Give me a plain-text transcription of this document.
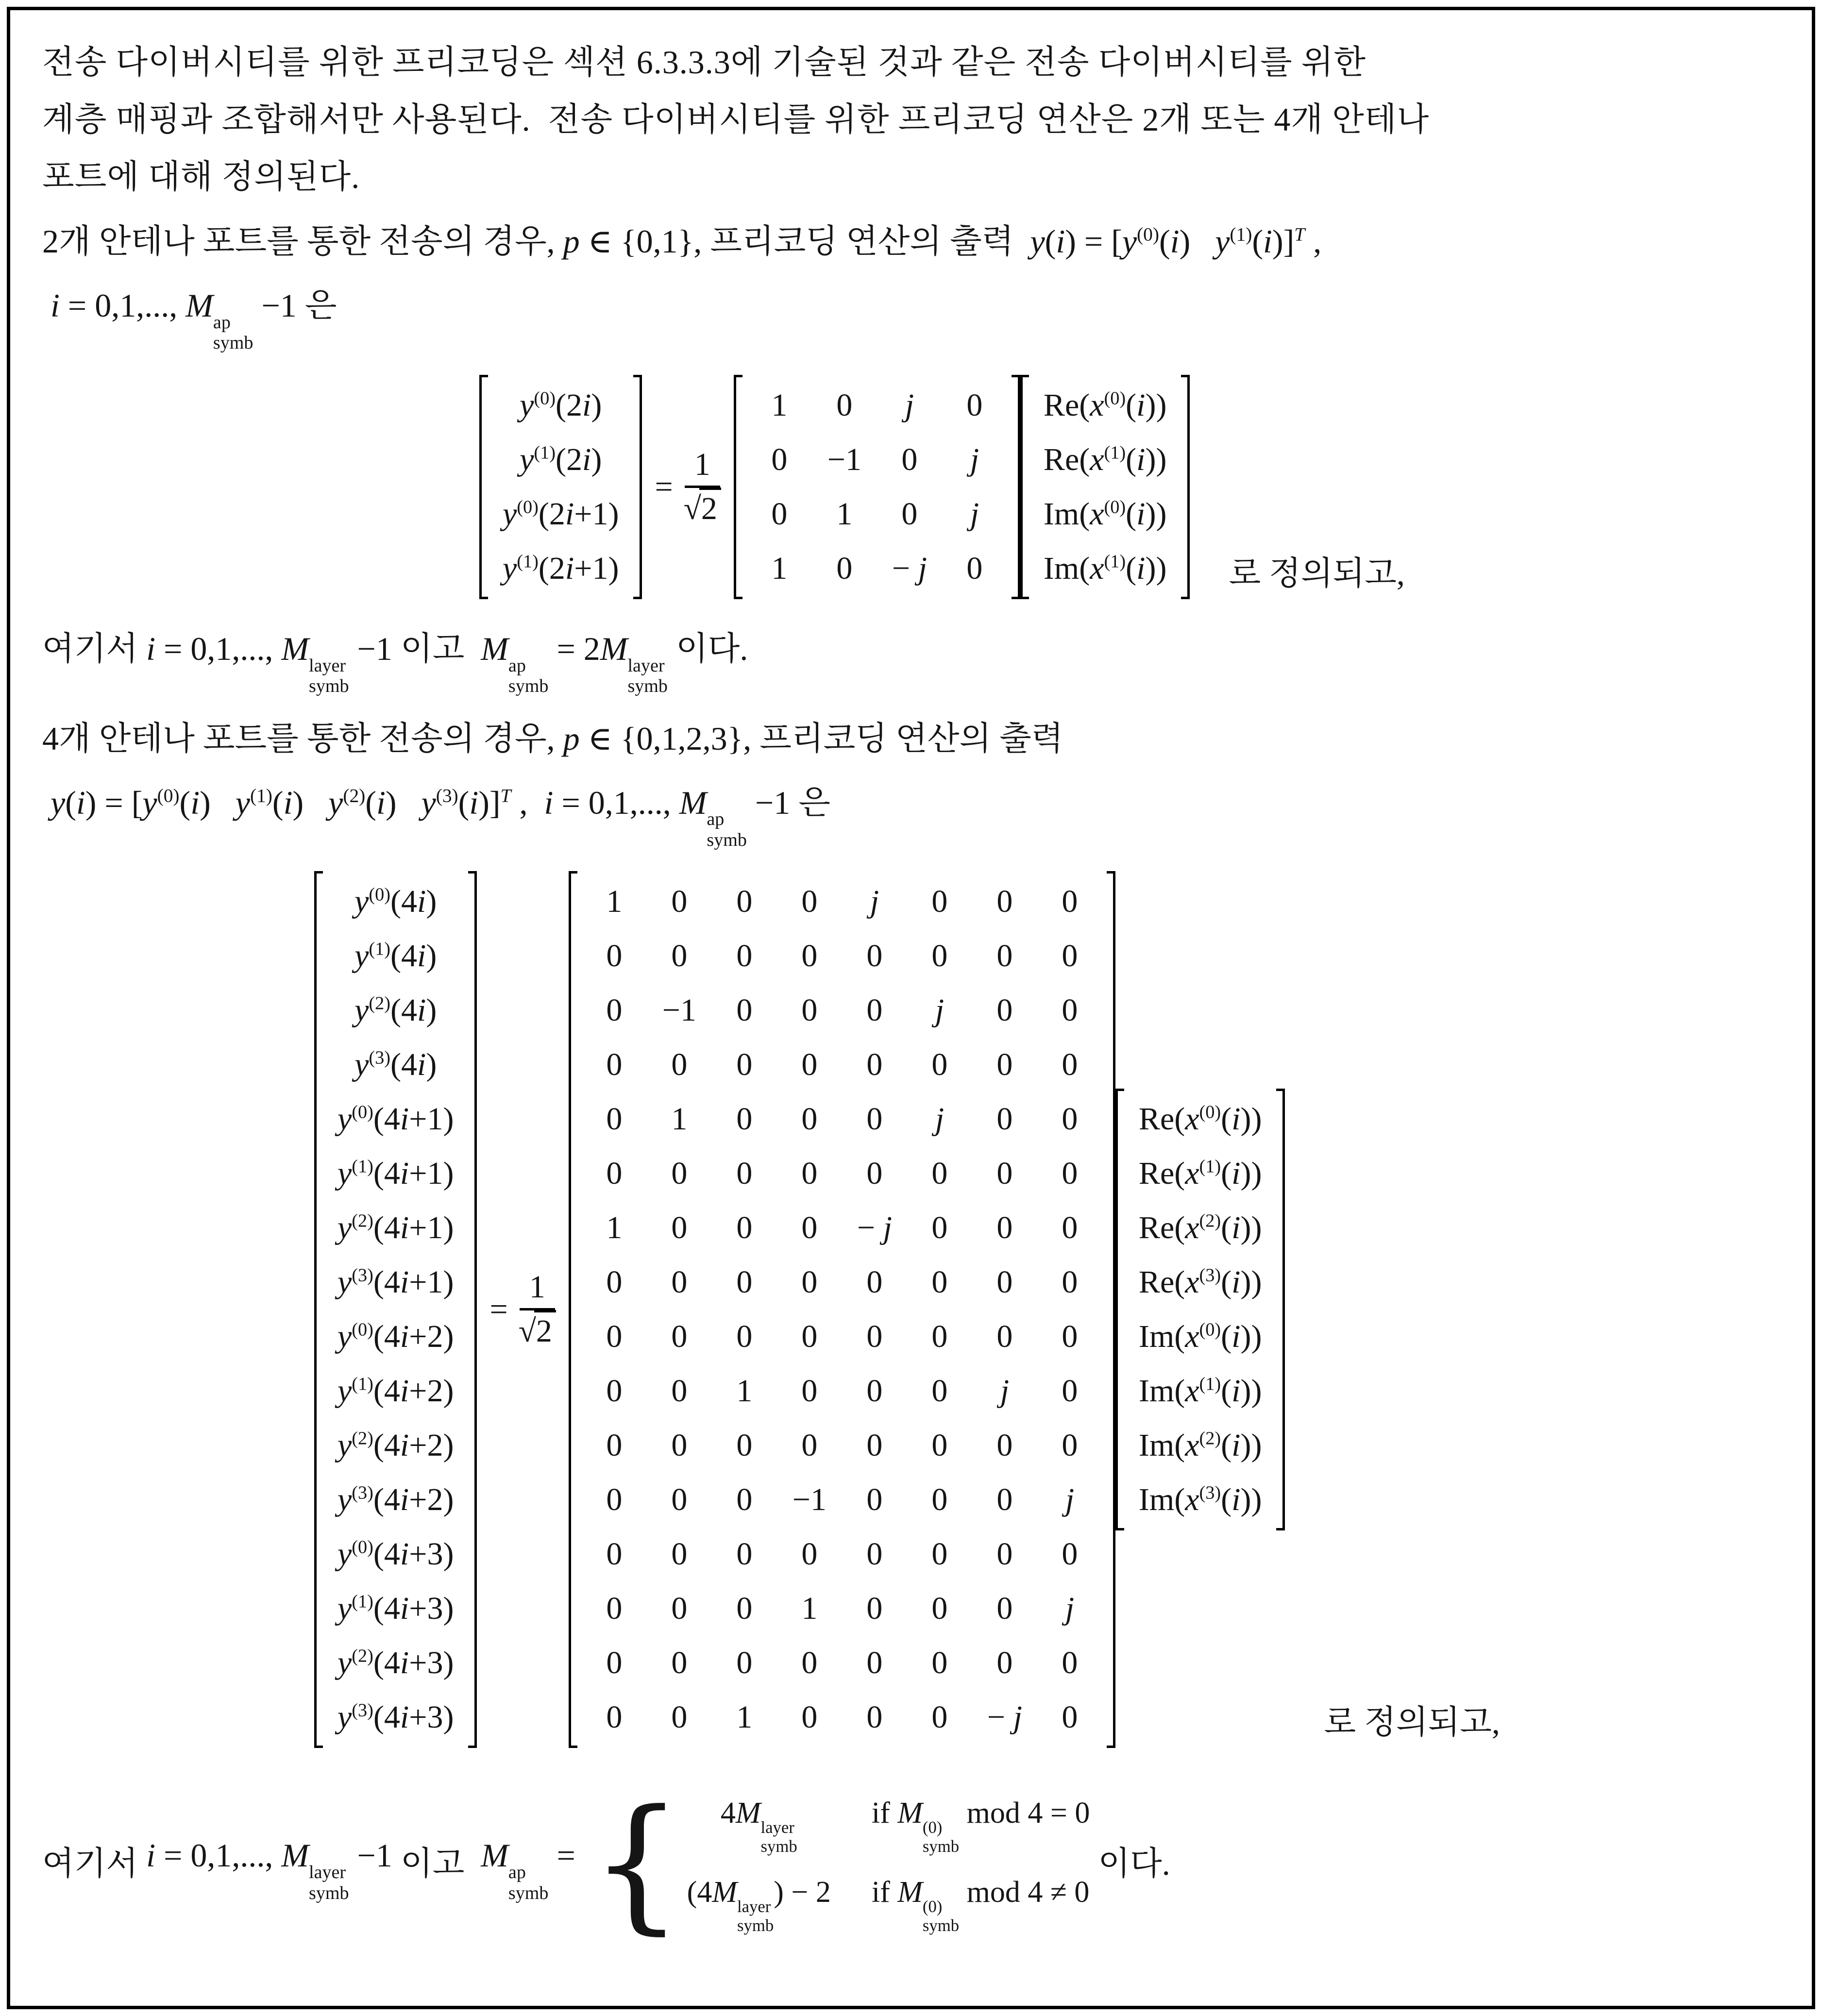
전송 다이버시티를 위한 프리코딩은 섹션 6.3.3.3에 기술된 것과 같은 전송 다이버시티를 위한
계층 매핑과 조합해서만 사용된다.  전송 다이버시티를 위한 프리코딩 연산은 2개 또는 4개 안테나
포트에 대해 정의된다.
2개 안테나 포트를 통한 전송의 경우, p ∈ {0,1}, 프리코딩 연산의 출력  $y(i) = [y^{(0)}(i)$   $y^{(1)}(i)]^T$ ,
i = 0,1,..., M ap
symb
−1 은
$y^{(0)}(2i)$
$y^{(1)}(2i)$
$y^{(0)}(2i+1)$
$y^{(1)}(2i+1)$
= $\frac{1}{√2}$
1 0 j 0
0 −1 0 j
0 1 0 j
1 0 − j 0
$Re(x^{(0)}(i))$
$Re(x^{(1)}(i))$
$Im(x^{(0)}(i))$
$Im(x^{(1)}(i))$ 로 정의되고,
여기서 i = 0,1,..., M layer
symb
−1 이고  M ap
symb
= 2M layer
symb
이다.
4개 안테나 포트를 통한 전송의 경우, p ∈ {0,1,2,3}, 프리코딩 연산의 출력
$y(i) = [y^{(0)}(i)$   $y^{(1)}(i)$   $y^{(2)}(i)$   $y^{(3)}(i)]^T$ ,  i = 0,1,..., M ap
symb
−1 은
$y^{(0)}(4i)$
$y^{(1)}(4i)$
$y^{(2)}(4i)$
$y^{(3)}(4i)$
$y^{(0)}(4i+1)$
$y^{(1)}(4i+1)$
$y^{(2)}(4i+1)$
$y^{(3)}(4i+1)$
$y^{(0)}(4i+2)$
$y^{(1)}(4i+2)$
$y^{(2)}(4i+2)$
$y^{(3)}(4i+2)$
$y^{(0)}(4i+3)$
$y^{(1)}(4i+3)$
$y^{(2)}(4i+3)$
$y^{(3)}(4i+3)$
= $\frac{1}{√2}$
1 0 0 0 j 0 0 0
0 0 0 0 0 0 0 0
0 −1 0 0 0 j 0 0
0 0 0 0 0 0 0 0
0 1 0 0 0 j 0 0
0 0 0 0 0 0 0 0
1 0 0 0 − j 0 0 0
0 0 0 0 0 0 0 0
0 0 0 0 0 0 0 0
0 0 1 0 0 0 j 0
0 0 0 0 0 0 0 0
0 0 0 −1 0 0 0 j
0 0 0 0 0 0 0 0
0 0 0 1 0 0 0 j
0 0 0 0 0 0 0 0
0 0 1 0 0 0 − j 0
$Re(x^{(0)}(i))$
$Re(x^{(1)}(i))$
$Re(x^{(2)}(i))$
$Re(x^{(3)}(i))$
$Im(x^{(0)}(i))$
$Im(x^{(1)}(i))$
$Im(x^{(2)}(i))$
$Im(x^{(3)}(i))$
로 정의되고,
여기서 i = 0,1,..., M layer
symb
−1 이고 M ap
symb
= { 4M layer
symb
if M (0)
symb
mod 4 = 0
(4M layer
symb
) − 2 if M (0)
symb
mod 4 ≠ 0
이다.
